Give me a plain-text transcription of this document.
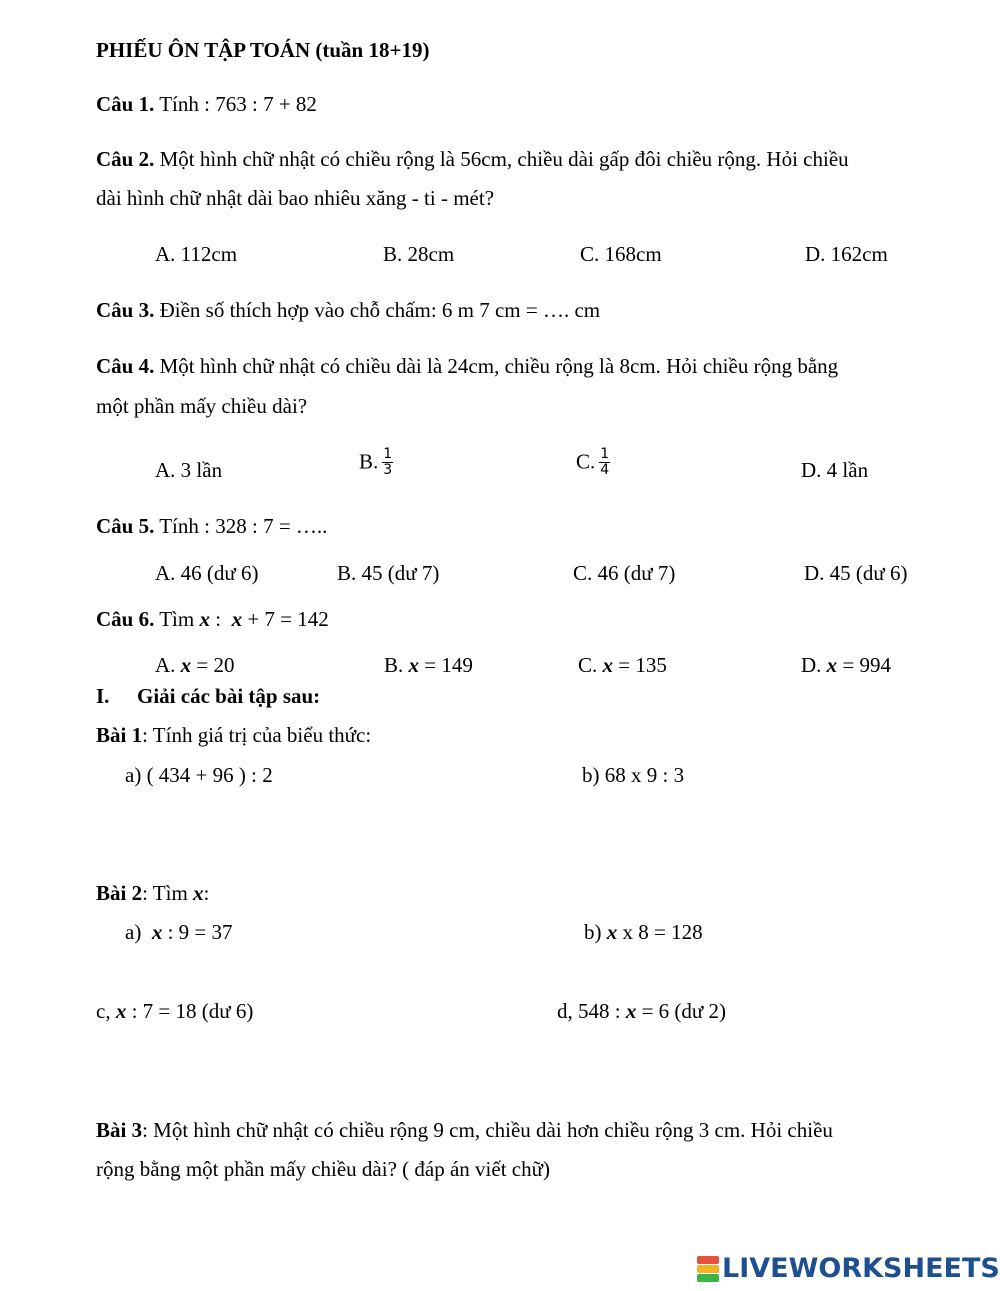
PHIẾU ÔN TẬP TOÁN (tuần 18+19)
Câu 1. Tính : 763 : 7 + 82
Câu 2. Một hình chữ nhật có chiều rộng là 56cm, chiều dài gấp đôi chiều rộng. Hỏi chiều
dài hình chữ nhật dài bao nhiêu xăng - ti - mét?
A. 112cm	B. 28cm	C. 168cm	D. 162cm
Câu 3. Điền số thích hợp vào chỗ chấm: 6 m 7 cm = …. cm
Câu 4. Một hình chữ nhật có chiều dài là 24cm, chiều rộng là 8cm. Hỏi chiều rộng bằng
một phần mấy chiều dài?
A. 3 lần	B. $\frac{1}{3}$	C. $\frac{1}{4}$	D. 4 lần
Câu 5. Tính : 328 : 7 = …..
A. 46 (dư 6)	B. 45 (dư 7)	C. 46 (dư 7)	D. 45 (dư 6)
Câu 6. Tìm x : x + 7 = 142
A. x = 20	B. x = 149	C. x = 135	D. x = 994
I. Giải các bài tập sau:
Bài 1: Tính giá trị của biểu thức:
a) ( 434 + 96 ) : 2	b) 68 x 9 : 3
Bài 2: Tìm x:
a) x : 9 = 37	b) x x 8 = 128
c, x : 7 = 18 (dư 6)	d, 548 : x = 6 (dư 2)
Bài 3: Một hình chữ nhật có chiều rộng 9 cm, chiều dài hơn chiều rộng 3 cm. Hỏi chiều
rộng bằng một phần mấy chiều dài? ( đáp án viết chữ)
LIVEWORKSHEETS
